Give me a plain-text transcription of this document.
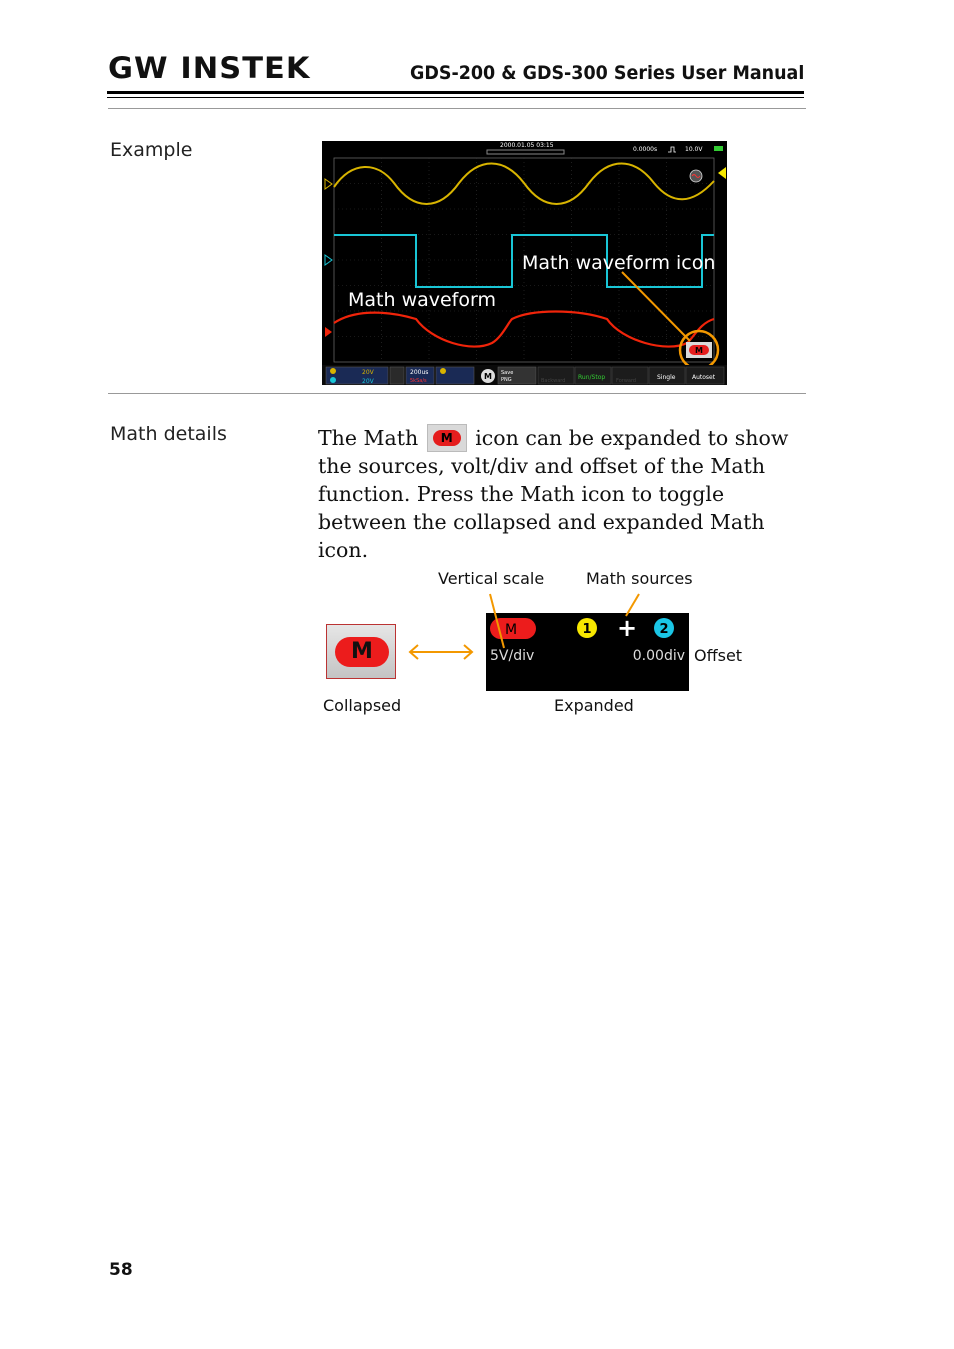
GW INSTEK	GDS-200 & GDS-300 Series User Manual
Example	2000.01.05 03:15
0.0000s	10.0V
Math waveform icon
Math waveform
M
20V
20V
200us
5kSa/s	M Save
PNG	Backward Run/Stop Forward	Single	Autoset
Math details	The Math	M	icon can be expanded to show the sources, volt/div and offset of the Math function. Press the Math icon to toggle between the collapsed and expanded Math icon.
Vertical scale	Math sources
M
M	1 + 2
5V/div	0.00div Offset
Collapsed	Expanded
58
